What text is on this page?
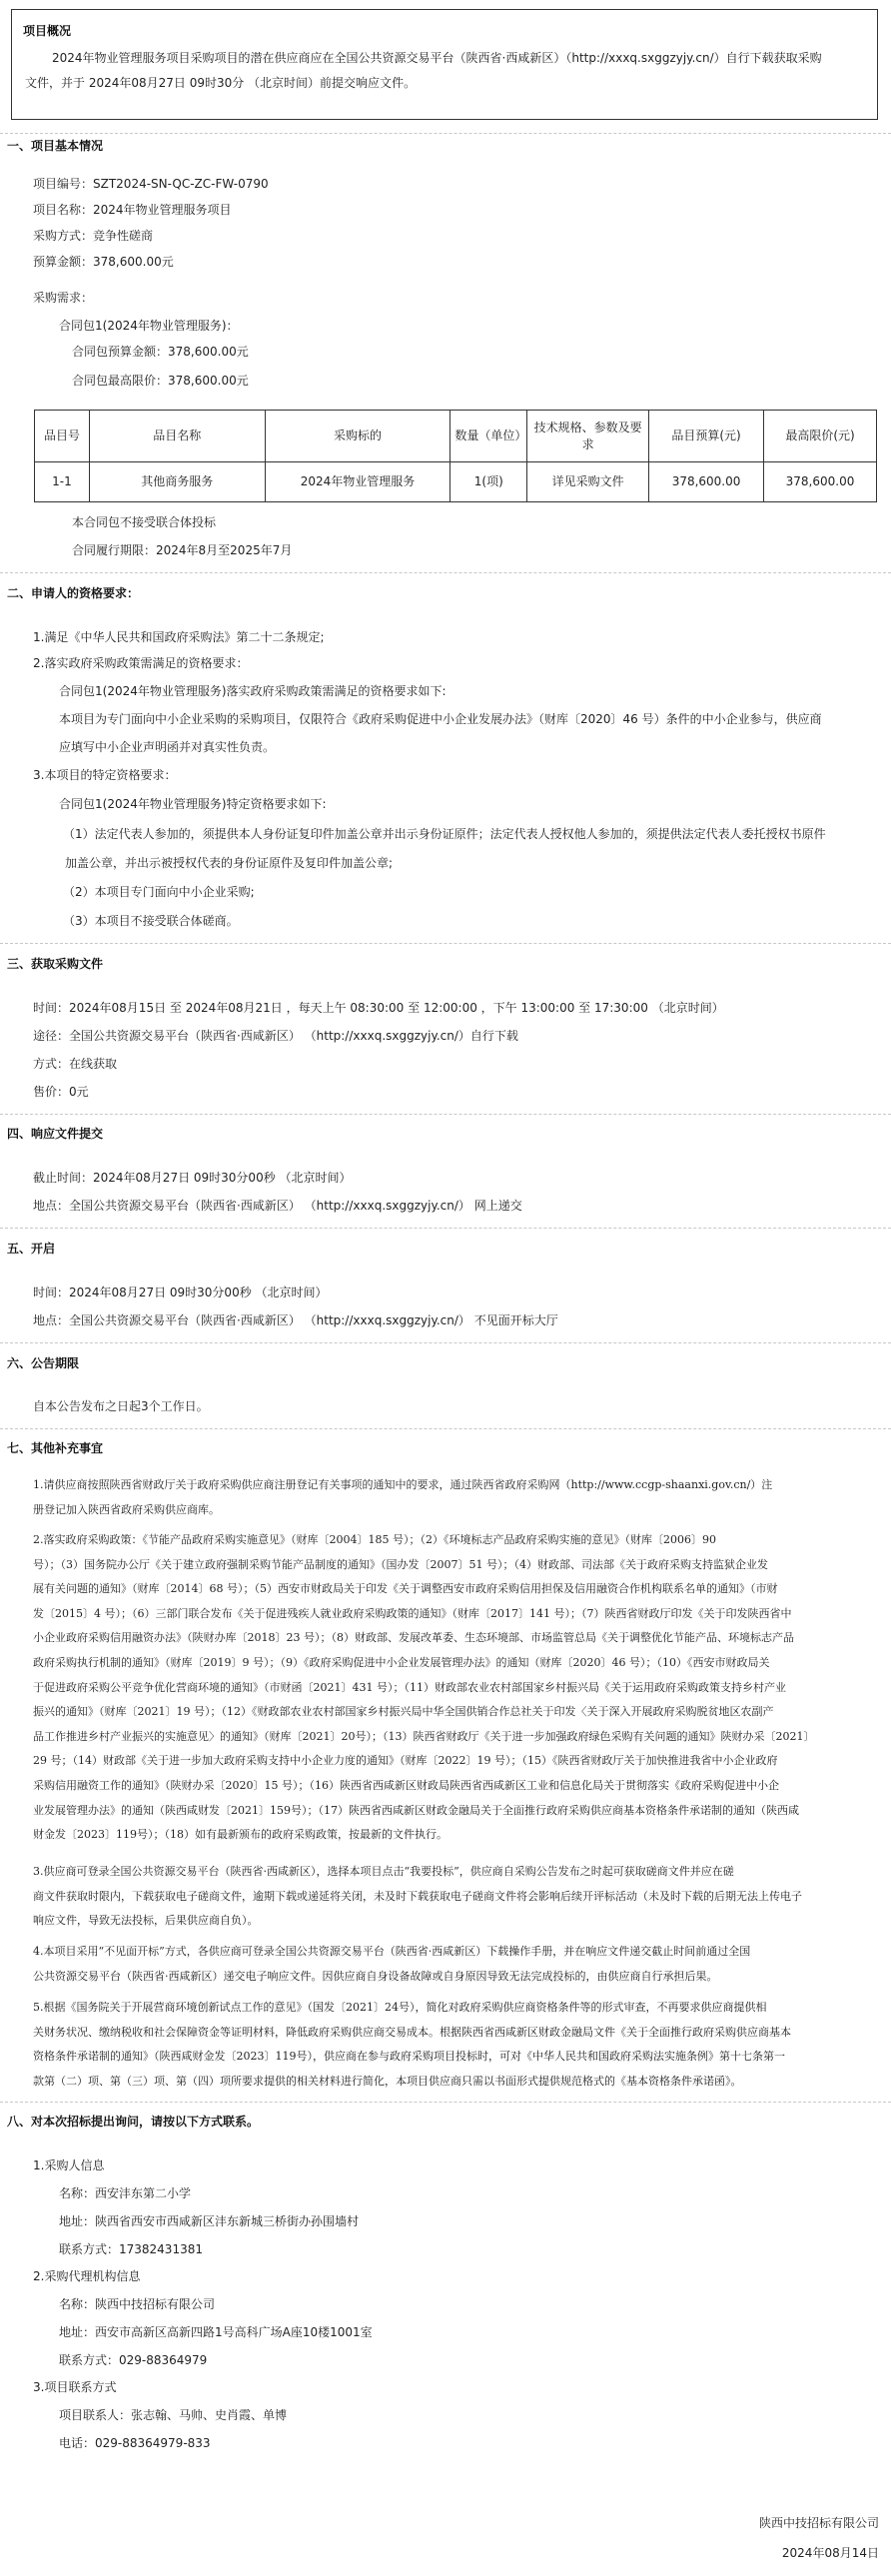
项目概况
2024年物业管理服务项目采购项目的潜在供应商应在全国公共资源交易平台（陕西省·西咸新区）（http://xxxq.sxggzyjy.cn/）自行下载获取采购
文件，并于 2024年08月27日 09时30分 （北京时间）前提交响应文件。
一、项目基本情况
项目编号：SZT2024-SN-QC-ZC-FW-0790
项目名称：2024年物业管理服务项目
采购方式：竞争性磋商
预算金额：378,600.00元
采购需求：
合同包1(2024年物业管理服务)：
合同包预算金额：378,600.00元
合同包最高限价：378,600.00元
品目号	品目名称	采购标的	数量（单位）	技术规格、参数及要求	品目预算(元)	最高限价(元)
1-1	其他商务服务	2024年物业管理服务	1(项)	详见采购文件	378,600.00	378,600.00
本合同包不接受联合体投标
合同履行期限：2024年8月至2025年7月
二、申请人的资格要求：
1.满足《中华人民共和国政府采购法》第二十二条规定;
2.落实政府采购政策需满足的资格要求：
合同包1(2024年物业管理服务)落实政府采购政策需满足的资格要求如下:
本项目为专门面向中小企业采购的采购项目，仅限符合《政府采购促进中小企业发展办法》（财库〔2020〕46 号）条件的中小企业参与，供应商
应填写中小企业声明函并对真实性负责。
3.本项目的特定资格要求：
合同包1(2024年物业管理服务)特定资格要求如下:
（1）法定代表人参加的，须提供本人身份证复印件加盖公章并出示身份证原件；法定代表人授权他人参加的，须提供法定代表人委托授权书原件
加盖公章，并出示被授权代表的身份证原件及复印件加盖公章;
（2）本项目专门面向中小企业采购;
（3）本项目不接受联合体磋商。
三、获取采购文件
时间：2024年08月15日 至 2024年08月21日 ，每天上午 08:30:00 至 12:00:00 ，下午 13:00:00 至 17:30:00 （北京时间）
途径：全国公共资源交易平台（陕西省·西咸新区） （http://xxxq.sxggzyjy.cn/）自行下载
方式：在线获取
售价：0元
四、响应文件提交
截止时间：2024年08月27日 09时30分00秒 （北京时间）
地点：全国公共资源交易平台（陕西省·西咸新区） （http://xxxq.sxggzyjy.cn/） 网上递交
五、开启
时间：2024年08月27日 09时30分00秒 （北京时间）
地点：全国公共资源交易平台（陕西省·西咸新区） （http://xxxq.sxggzyjy.cn/） 不见面开标大厅
六、公告期限
自本公告发布之日起3个工作日。
七、其他补充事宜
1.请供应商按照陕西省财政厅关于政府采购供应商注册登记有关事项的通知中的要求，通过陕西省政府采购网（http://www.ccgp-shaanxi.gov.cn/）注
册登记加入陕西省政府采购供应商库。
2.落实政府采购政策：《节能产品政府采购实施意见》（财库〔2004〕185 号）；（2）《环境标志产品政府采购实施的意见》（财库〔2006〕90
号）；（3）国务院办公厅《关于建立政府强制采购节能产品制度的通知》（国办发〔2007〕51 号）；（4）财政部、司法部《关于政府采购支持监狱企业发
展有关问题的通知》（财库〔2014〕68 号）；（5）西安市财政局关于印发《关于调整西安市政府采购信用担保及信用融资合作机构联系名单的通知》（市财
发〔2015〕4 号）；（6）三部门联合发布《关于促进残疾人就业政府采购政策的通知》（财库〔2017〕141 号）；（7）陕西省财政厅印发《关于印发陕西省中
小企业政府采购信用融资办法》（陕财办库〔2018〕23 号）；（8）财政部、发展改革委、生态环境部、市场监管总局《关于调整优化节能产品、环境标志产品
政府采购执行机制的通知》（财库〔2019〕9 号）；（9）《政府采购促进中小企业发展管理办法》的通知（财库〔2020〕46 号）；（10）《西安市财政局关
于促进政府采购公平竞争优化营商环境的通知》（市财函〔2021〕431 号）；（11）财政部农业农村部国家乡村振兴局《关于运用政府采购政策支持乡村产业
振兴的通知》（财库〔2021〕19 号）；（12）《财政部农业农村部国家乡村振兴局中华全国供销合作总社关于印发〈关于深入开展政府采购脱贫地区农副产
品工作推进乡村产业振兴的实施意见〉的通知》（财库〔2021〕20号）；（13）陕西省财政厅《关于进一步加强政府绿色采购有关问题的通知》陕财办采〔2021〕
29 号；（14）财政部《关于进一步加大政府采购支持中小企业力度的通知》（财库〔2022〕19 号）；（15）《陕西省财政厅关于加快推进我省中小企业政府
采购信用融资工作的通知》（陕财办采〔2020〕15 号）；（16）陕西省西咸新区财政局陕西省西咸新区工业和信息化局关于贯彻落实《政府采购促进中小企
业发展管理办法》的通知（陕西咸财发〔2021〕159号）；（17）陕西省西咸新区财政金融局关于全面推行政府采购供应商基本资格条件承诺制的通知（陕西咸
财金发〔2023〕119号）；（18）如有最新颁布的政府采购政策，按最新的文件执行。
3.供应商可登录全国公共资源交易平台（陕西省·西咸新区），选择本项目点击“我要投标”，供应商自采购公告发布之时起可获取磋商文件并应在磋
商文件获取时限内，下载获取电子磋商文件，逾期下载或递延将关闭，未及时下载获取电子磋商文件将会影响后续开评标活动（未及时下载的后期无法上传电子
响应文件，导致无法投标，后果供应商自负）。
4.本项目采用“不见面开标”方式，各供应商可登录全国公共资源交易平台（陕西省·西咸新区）下载操作手册，并在响应文件递交截止时间前通过全国
公共资源交易平台（陕西省·西咸新区）递交电子响应文件。因供应商自身设备故障或自身原因导致无法完成投标的，由供应商自行承担后果。
5.根据《国务院关于开展营商环境创新试点工作的意见》（国发〔2021〕24号），简化对政府采购供应商资格条件等的形式审查，不再要求供应商提供相
关财务状况、缴纳税收和社会保障资金等证明材料，降低政府采购供应商交易成本。根据陕西省西咸新区财政金融局文件《关于全面推行政府采购供应商基本
资格条件承诺制的通知》（陕西咸财金发〔2023〕119号），供应商在参与政府采购项目投标时，可对《中华人民共和国政府采购法实施条例》第十七条第一
款第（二）项、第（三）项、第（四）项所要求提供的相关材料进行简化，本项目供应商只需以书面形式提供规范格式的《基本资格条件承诺函》。
八、对本次招标提出询问，请按以下方式联系。
1.采购人信息
名称：西安沣东第二小学
地址：陕西省西安市西咸新区沣东新城三桥街办孙围墙村
联系方式：17382431381
2.采购代理机构信息
名称：陕西中技招标有限公司
地址：西安市高新区高新四路1号高科广场A座10楼1001室
联系方式：029-88364979
3.项目联系方式
项目联系人：张志翰、马帅、史肖霞、单博
电话：029-88364979-833
陕西中技招标有限公司
2024年08月14日
